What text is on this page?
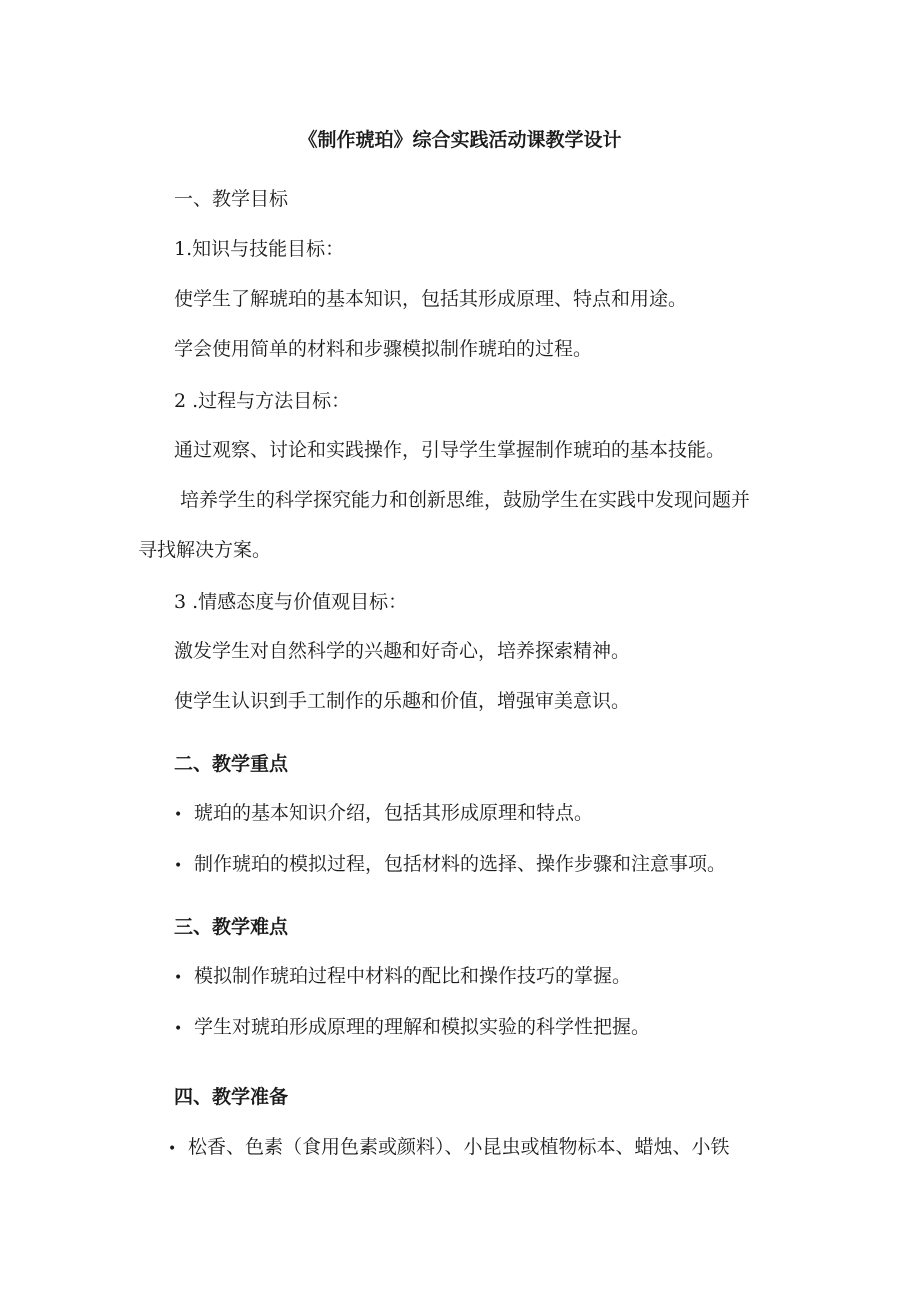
《制作琥珀》综合实践活动课教学设计

一、教学目标

1.知识与技能目标：

使学生了解琥珀的基本知识，包括其形成原理、特点和用途。

学会使用简单的材料和步骤模拟制作琥珀的过程。

2 .过程与方法目标：

通过观察、讨论和实践操作，引导学生掌握制作琥珀的基本技能。

培养学生的科学探究能力和创新思维，鼓励学生在实践中发现问题并

寻找解决方案。

3 .情感态度与价值观目标：

激发学生对自然科学的兴趣和好奇心，培养探索精神。

使学生认识到手工制作的乐趣和价值，增强审美意识。

二、教学重点

• 琥珀的基本知识介绍，包括其形成原理和特点。
• 制作琥珀的模拟过程，包括材料的选择、操作步骤和注意事项。

三、教学难点

• 模拟制作琥珀过程中材料的配比和操作技巧的掌握。
• 学生对琥珀形成原理的理解和模拟实验的科学性把握。

四、教学准备

• 松香、色素（食用色素或颜料）、小昆虫或植物标本、蜡烛、小铁
